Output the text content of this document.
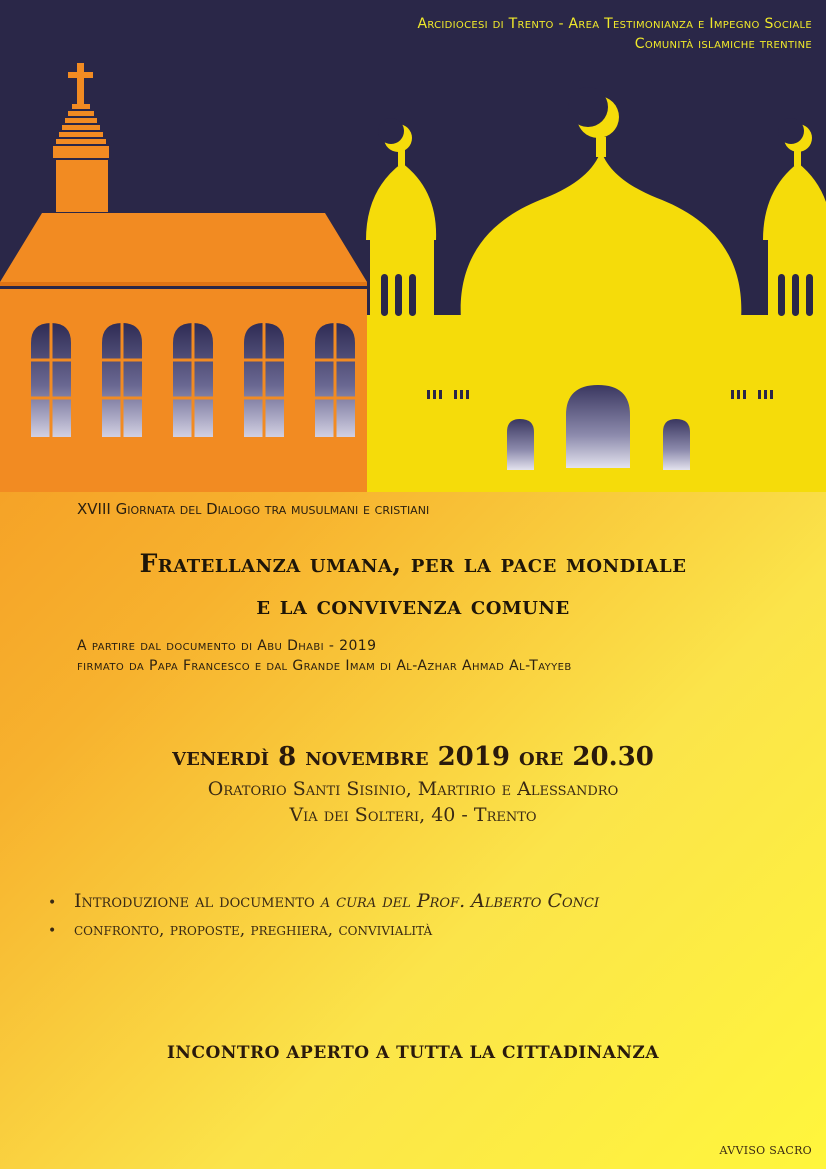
Arcidiocesi di Trento - Area Testimonianza e Impegno Sociale
Comunità islamiche trentine
XVIII Giornata del Dialogo tra musulmani e cristiani
Fratellanza umana, per la pace mondiale
e la convivenza comune
A partire dal documento di Abu Dhabi - 2019
firmato da Papa Francesco e dal Grande Imam di Al-Azhar Ahmad Al-Tayyeb
venerdì 8 novembre 2019 ore 20.30
Oratorio Santi Sisinio, Martirio e Alessandro
Via dei Solteri, 40 - Trento
• Introduzione al documento a cura del Prof. Alberto Conci
•	confronto, proposte, preghiera, convivialità
INCONTRO APERTO A TUTTA LA CITTADINANZA
AVVISO SACRO
